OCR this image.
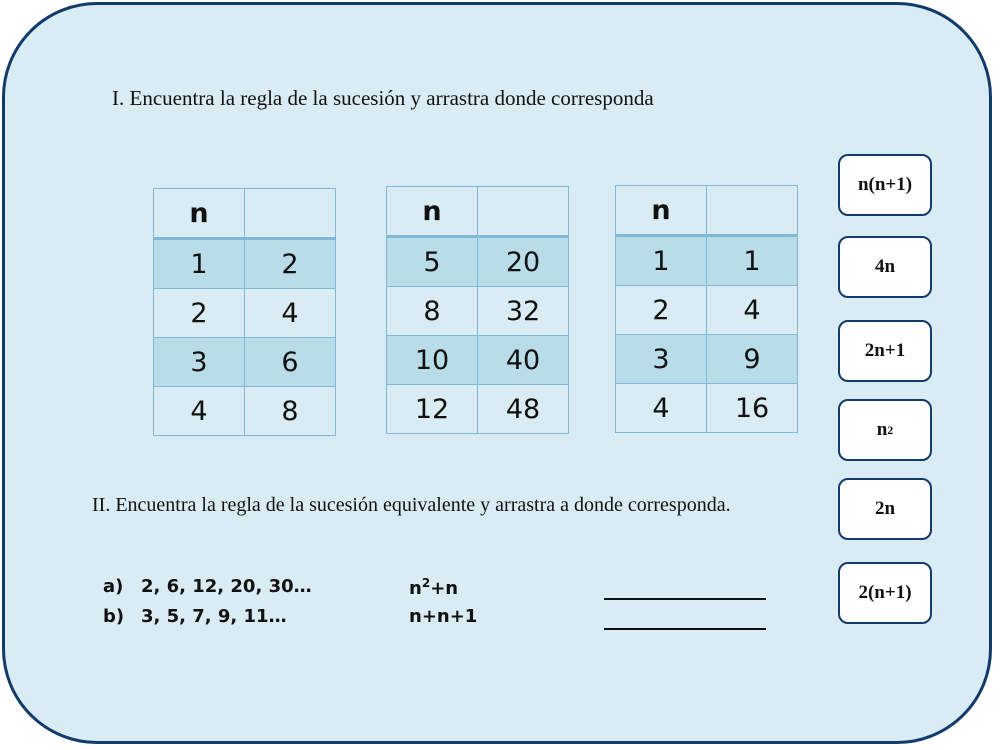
I. Encuentra la regla de la sucesión y arrastra donde corresponda
n	
1	2
2	4
3	6
4	8
n	
5	20
8	32
10	40
12	48
n	
1	1
2	4
3	9
4	16
n(n+1)
4n
2n+1
n 2
2n
2(n+1)
II. Encuentra la regla de la sucesión equivalente y arrastra a donde corresponda.
a) 2, 6, 12, 20, 30…	$n^2+n$
b) 3, 5, 7, 9, 11…	n+n+1
